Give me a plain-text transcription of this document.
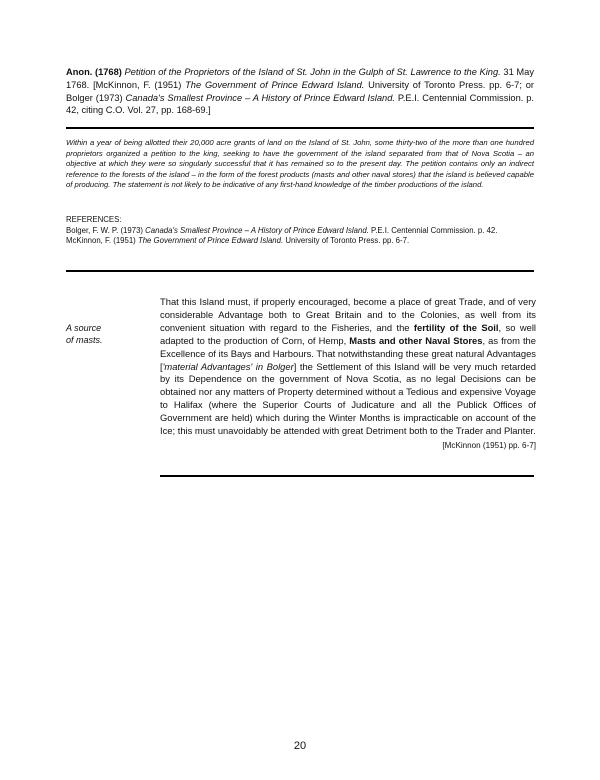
Anon. (1768) Petition of the Proprietors of the Island of St. John in the Gulph of St. Lawrence to the King. 31 May 1768. [McKinnon, F. (1951) The Government of Prince Edward Island. University of Toronto Press. pp. 6-7; or Bolger (1973) Canada's Smallest Province – A History of Prince Edward Island. P.E.I. Centennial Commission. p. 42, citing C.O. Vol. 27, pp. 168-69.]
Within a year of being allotted their 20,000 acre grants of land on the Island of St. John, some thirty-two of the more than one hundred proprietors organized a petition to the king, seeking to have the government of the island separated from that of Nova Scotia – an objective at which they were so singularly successful that it has remained so to the present day. The petition contains only an indirect reference to the forests of the island – in the form of the forest products (masts and other naval stores) that the island is believed capable of producing. The statement is not likely to be indicative of any first-hand knowledge of the timber productions of the island.
REFERENCES:
Bolger, F. W. P. (1973) Canada's Smallest Province – A History of Prince Edward Island. P.E.I. Centennial Commission. p. 42.
McKinnon, F. (1951) The Government of Prince Edward Island. University of Toronto Press. pp. 6-7.
A source
of masts.
That this Island must, if properly encouraged, become a place of great Trade, and of very considerable Advantage both to Great Britain and to the Colonies, as well from its convenient situation with regard to the Fisheries, and the fertility of the Soil, so well adapted to the production of Corn, of Hemp, Masts and other Naval Stores, as from the Excellence of its Bays and Harbours. That notwithstanding these great natural Advantages ['material Advantages' in Bolger] the Settlement of this Island will be very much retarded by its Dependence on the government of Nova Scotia, as no legal Decisions can be obtained nor any matters of Property determined without a Tedious and expensive Voyage to Halifax (where the Superior Courts of Judicature and all the Publick Offices of Government are held) which during the Winter Months is impracticable on account of the Ice; this must unavoidably be attended with great Detriment both to the Trader and Planter.
[McKinnon (1951) pp. 6-7]
20
